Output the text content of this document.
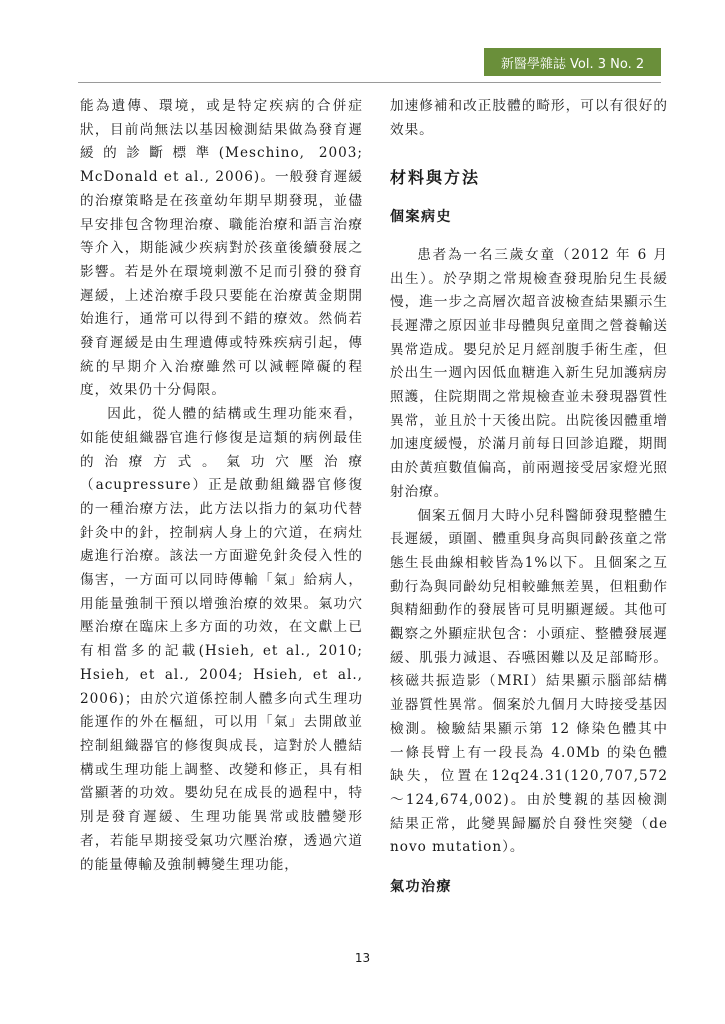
新醫學雜誌 Vol. 3 No. 2

能為遺傳、環境，或是特定疾病的合併症狀，目前尚無法以基因檢測結果做為發育遲緩的診斷標準(Meschino, 2003; McDonald et al., 2006)。一般發育遲緩的治療策略是在孩童幼年期早期發現，並儘早安排包含物理治療、職能治療和語言治療等介入，期能減少疾病對於孩童後續發展之影響。若是外在環境刺激不足而引發的發育遲緩，上述治療手段只要能在治療黃金期開始進行，通常可以得到不錯的療效。然倘若發育遲緩是由生理遺傳或特殊疾病引起，傳統的早期介入治療雖然可以減輕障礙的程度，效果仍十分侷限。

因此，從人體的結構或生理功能來看，如能使組織器官進行修復是這類的病例最佳的治療方式。氣功穴壓治療（acupressure）正是啟動組織器官修復的一種治療方法，此方法以指力的氣功代替針灸中的針，控制病人身上的穴道，在病灶處進行治療。該法一方面避免針灸侵入性的傷害，一方面可以同時傳輸「氣」給病人，用能量強制干預以增強治療的效果。氣功穴壓治療在臨床上多方面的功效，在文獻上已有相當多的記載(Hsieh, et al., 2010; Hsieh, et al., 2004; Hsieh, et al., 2006)；由於穴道係控制人體多向式生理功能運作的外在樞紐，可以用「氣」去開啟並控制組織器官的修復與成長，這對於人體結構或生理功能上調整、改變和修正，具有相當顯著的功效。嬰幼兒在成長的過程中，特別是發育遲緩、生理功能異常或肢體變形者，若能早期接受氣功穴壓治療，透過穴道的能量傳輸及強制轉變生理功能，

加速修補和改正肢體的畸形，可以有很好的效果。

材料與方法

個案病史

患者為一名三歲女童（2012 年 6 月出生）。於孕期之常規檢查發現胎兒生長緩慢，進一步之高層次超音波檢查結果顯示生長遲滯之原因並非母體與兒童間之營養輸送異常造成。嬰兒於足月經剖腹手術生產，但於出生一週內因低血糖進入新生兒加護病房照護，住院期間之常規檢查並未發現器質性異常，並且於十天後出院。出院後因體重增加速度緩慢，於滿月前每日回診追蹤，期間由於黃疸數值偏高，前兩週接受居家燈光照射治療。

個案五個月大時小兒科醫師發現整體生長遲緩，頭圍、體重與身高與同齡孩童之常態生長曲線相較皆為1%以下。且個案之互動行為與同齡幼兒相較雖無差異，但粗動作與精細動作的發展皆可見明顯遲緩。其他可觀察之外顯症狀包含：小頭症、整體發展遲緩、肌張力減退、吞嚥困難以及足部畸形。核磁共振造影（MRI）結果顯示腦部結構並器質性異常。個案於九個月大時接受基因檢測。檢驗結果顯示第 12 條染色體其中一條長臂上有一段長為 4.0Mb 的染色體缺失，位置在12q24.31(120,707,572～124,674,002)。由於雙親的基因檢測結果正常，此變異歸屬於自發性突變（de novo mutation）。

氣功治療

13
